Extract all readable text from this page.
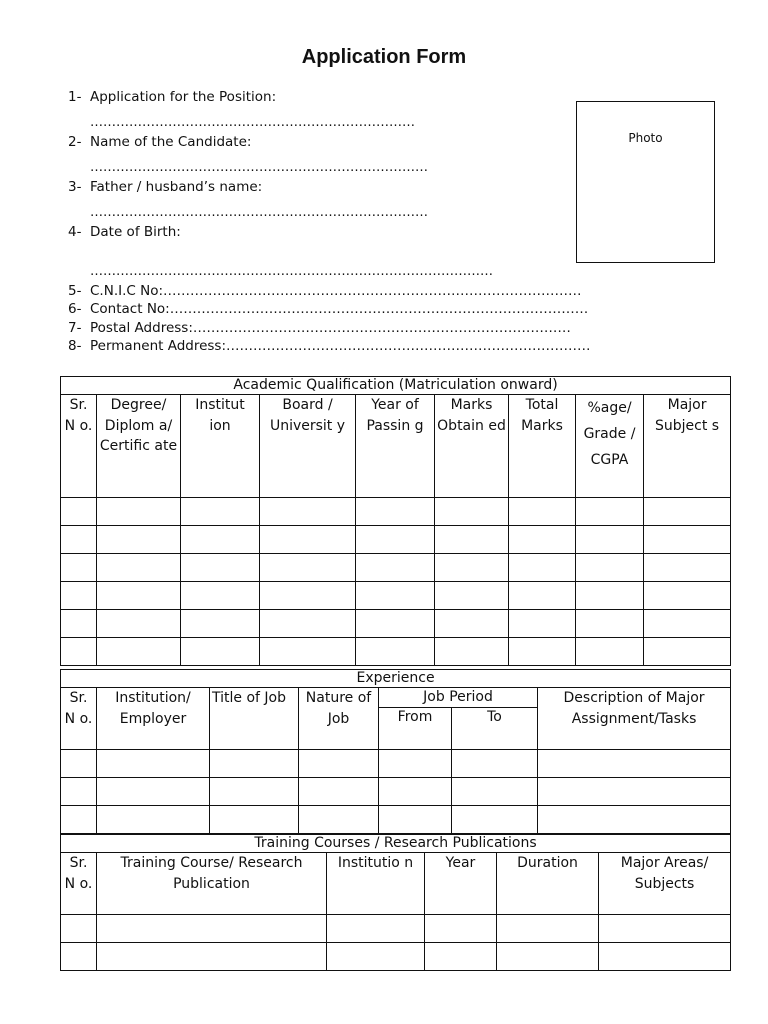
Application Form
1- Application for the Position:
…………………………………………………………………
2- Name of the Candidate:
……………………………………………………………………
3- Father / husband’s name:
……………………………………………………………………
4- Date of Birth:
…………………………………………………………………………………
5- C.N.I.C No:…………………………………………………………………………………
6- Contact No:…………………………………………………………………………………
7- Postal Address:…………………………………………………………………………
8- Permanent Address:………………………………………………………………………
Photo
Academic Qualification (Matriculation onward)								
Sr. N o.	Degree/ Diplom a/ Certific ate	Institut ion	Board / Universit y	Year of Passin g	Marks Obtain ed	Total Marks	%age/ Grade / CGPA	Major Subject s

Experience						
Sr. N o.	Institution/ Employer	Title of Job	Nature of Job	Job Period		Description of Major Assignment/Tasks
				From	To	

Training Courses / Research Publications					
Sr. N o.	Training Course/ Research Publication	Institutio n	Year	Duration	Major Areas/ Subjects
